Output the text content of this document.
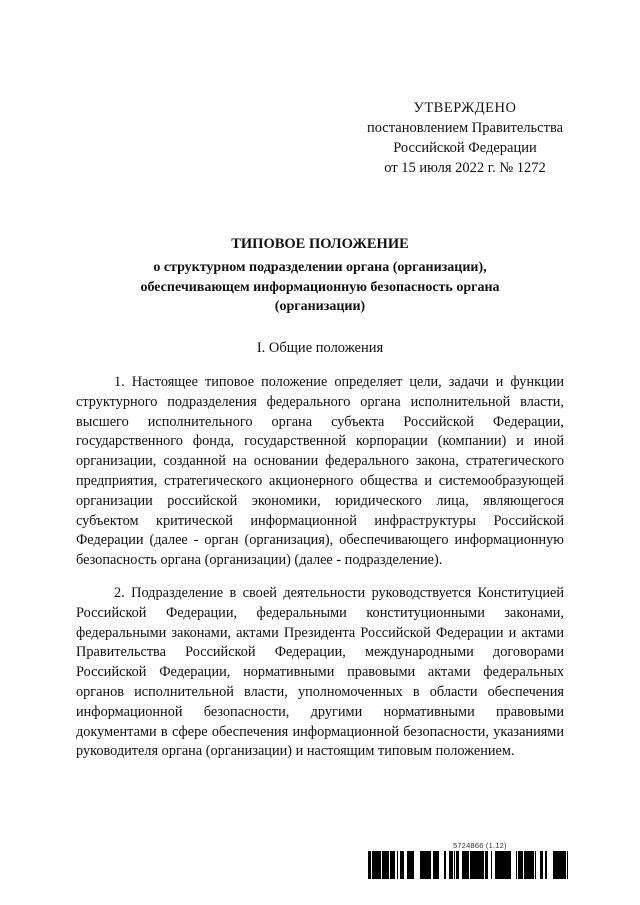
УТВЕРЖДЕНО
постановлением Правительства
Российской Федерации
от 15 июля 2022 г. № 1272
ТИПОВОЕ ПОЛОЖЕНИЕ
о структурном подразделении органа (организации),
обеспечивающем информационную безопасность органа
(организации)
I. Общие положения

1. Настоящее типовое положение определяет цели, задачи и функции структурного подразделения федерального органа исполнительной власти, высшего исполнительного органа субъекта Российской Федерации, государственного фонда, государственной корпорации (компании) и иной организации, созданной на основании федерального закона, стратегического предприятия, стратегического акционерного общества и системообразующей организации российской экономики, юридического лица, являющегося субъектом критической информационной инфраструктуры Российской Федерации (далее - орган (организация), обеспечивающего информационную безопасность органа (организации) (далее - подразделение).

2. Подразделение в своей деятельности руководствуется Конституцией Российской Федерации, федеральными конституционными законами, федеральными законами, актами Президента Российской Федерации и актами Правительства Российской Федерации, международными договорами Российской Федерации, нормативными правовыми актами федеральных органов исполнительной власти, уполномоченных в области обеспечения информационной безопасности, другими нормативными правовыми документами в сфере обеспечения информационной безопасности, указаниями руководителя органа (организации) и настоящим типовым положением.

5724866 (1.12)
